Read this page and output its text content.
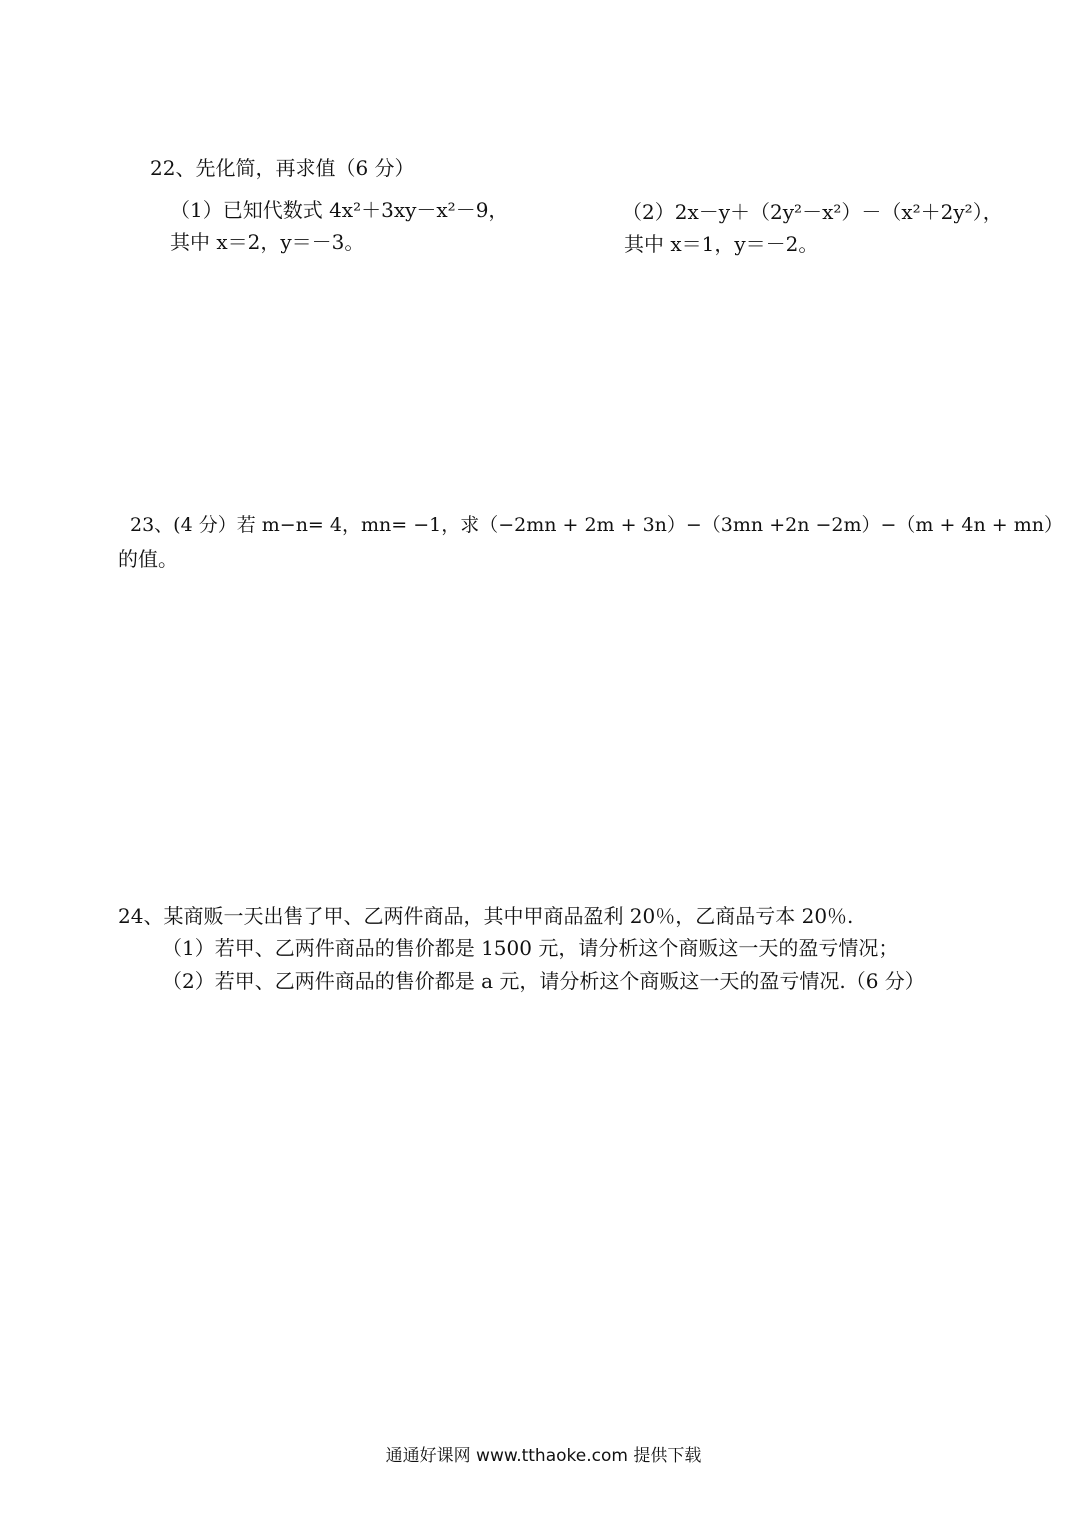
22、先化简，再求值（6 分）
（1）已知代数式 4x²＋3xy－x²－9，
其中 x＝2，y＝－3。
（2）2x－y＋（2y²－x²）－（x²＋2y²），
其中 x＝1，y＝－2。
23、(4 分）若 m−n= 4，mn= −1，求（−2mn + 2m + 3n）−（3mn +2n −2m）−（m + 4n + mn）
的值。
24、某商贩一天出售了甲、乙两件商品，其中甲商品盈利 20％，乙商品亏本 20％.
（1）若甲、乙两件商品的售价都是 1500 元，请分析这个商贩这一天的盈亏情况；
（2）若甲、乙两件商品的售价都是 a 元，请分析这个商贩这一天的盈亏情况.（6 分）
通通好课网 www.tthaoke.com 提供下载
